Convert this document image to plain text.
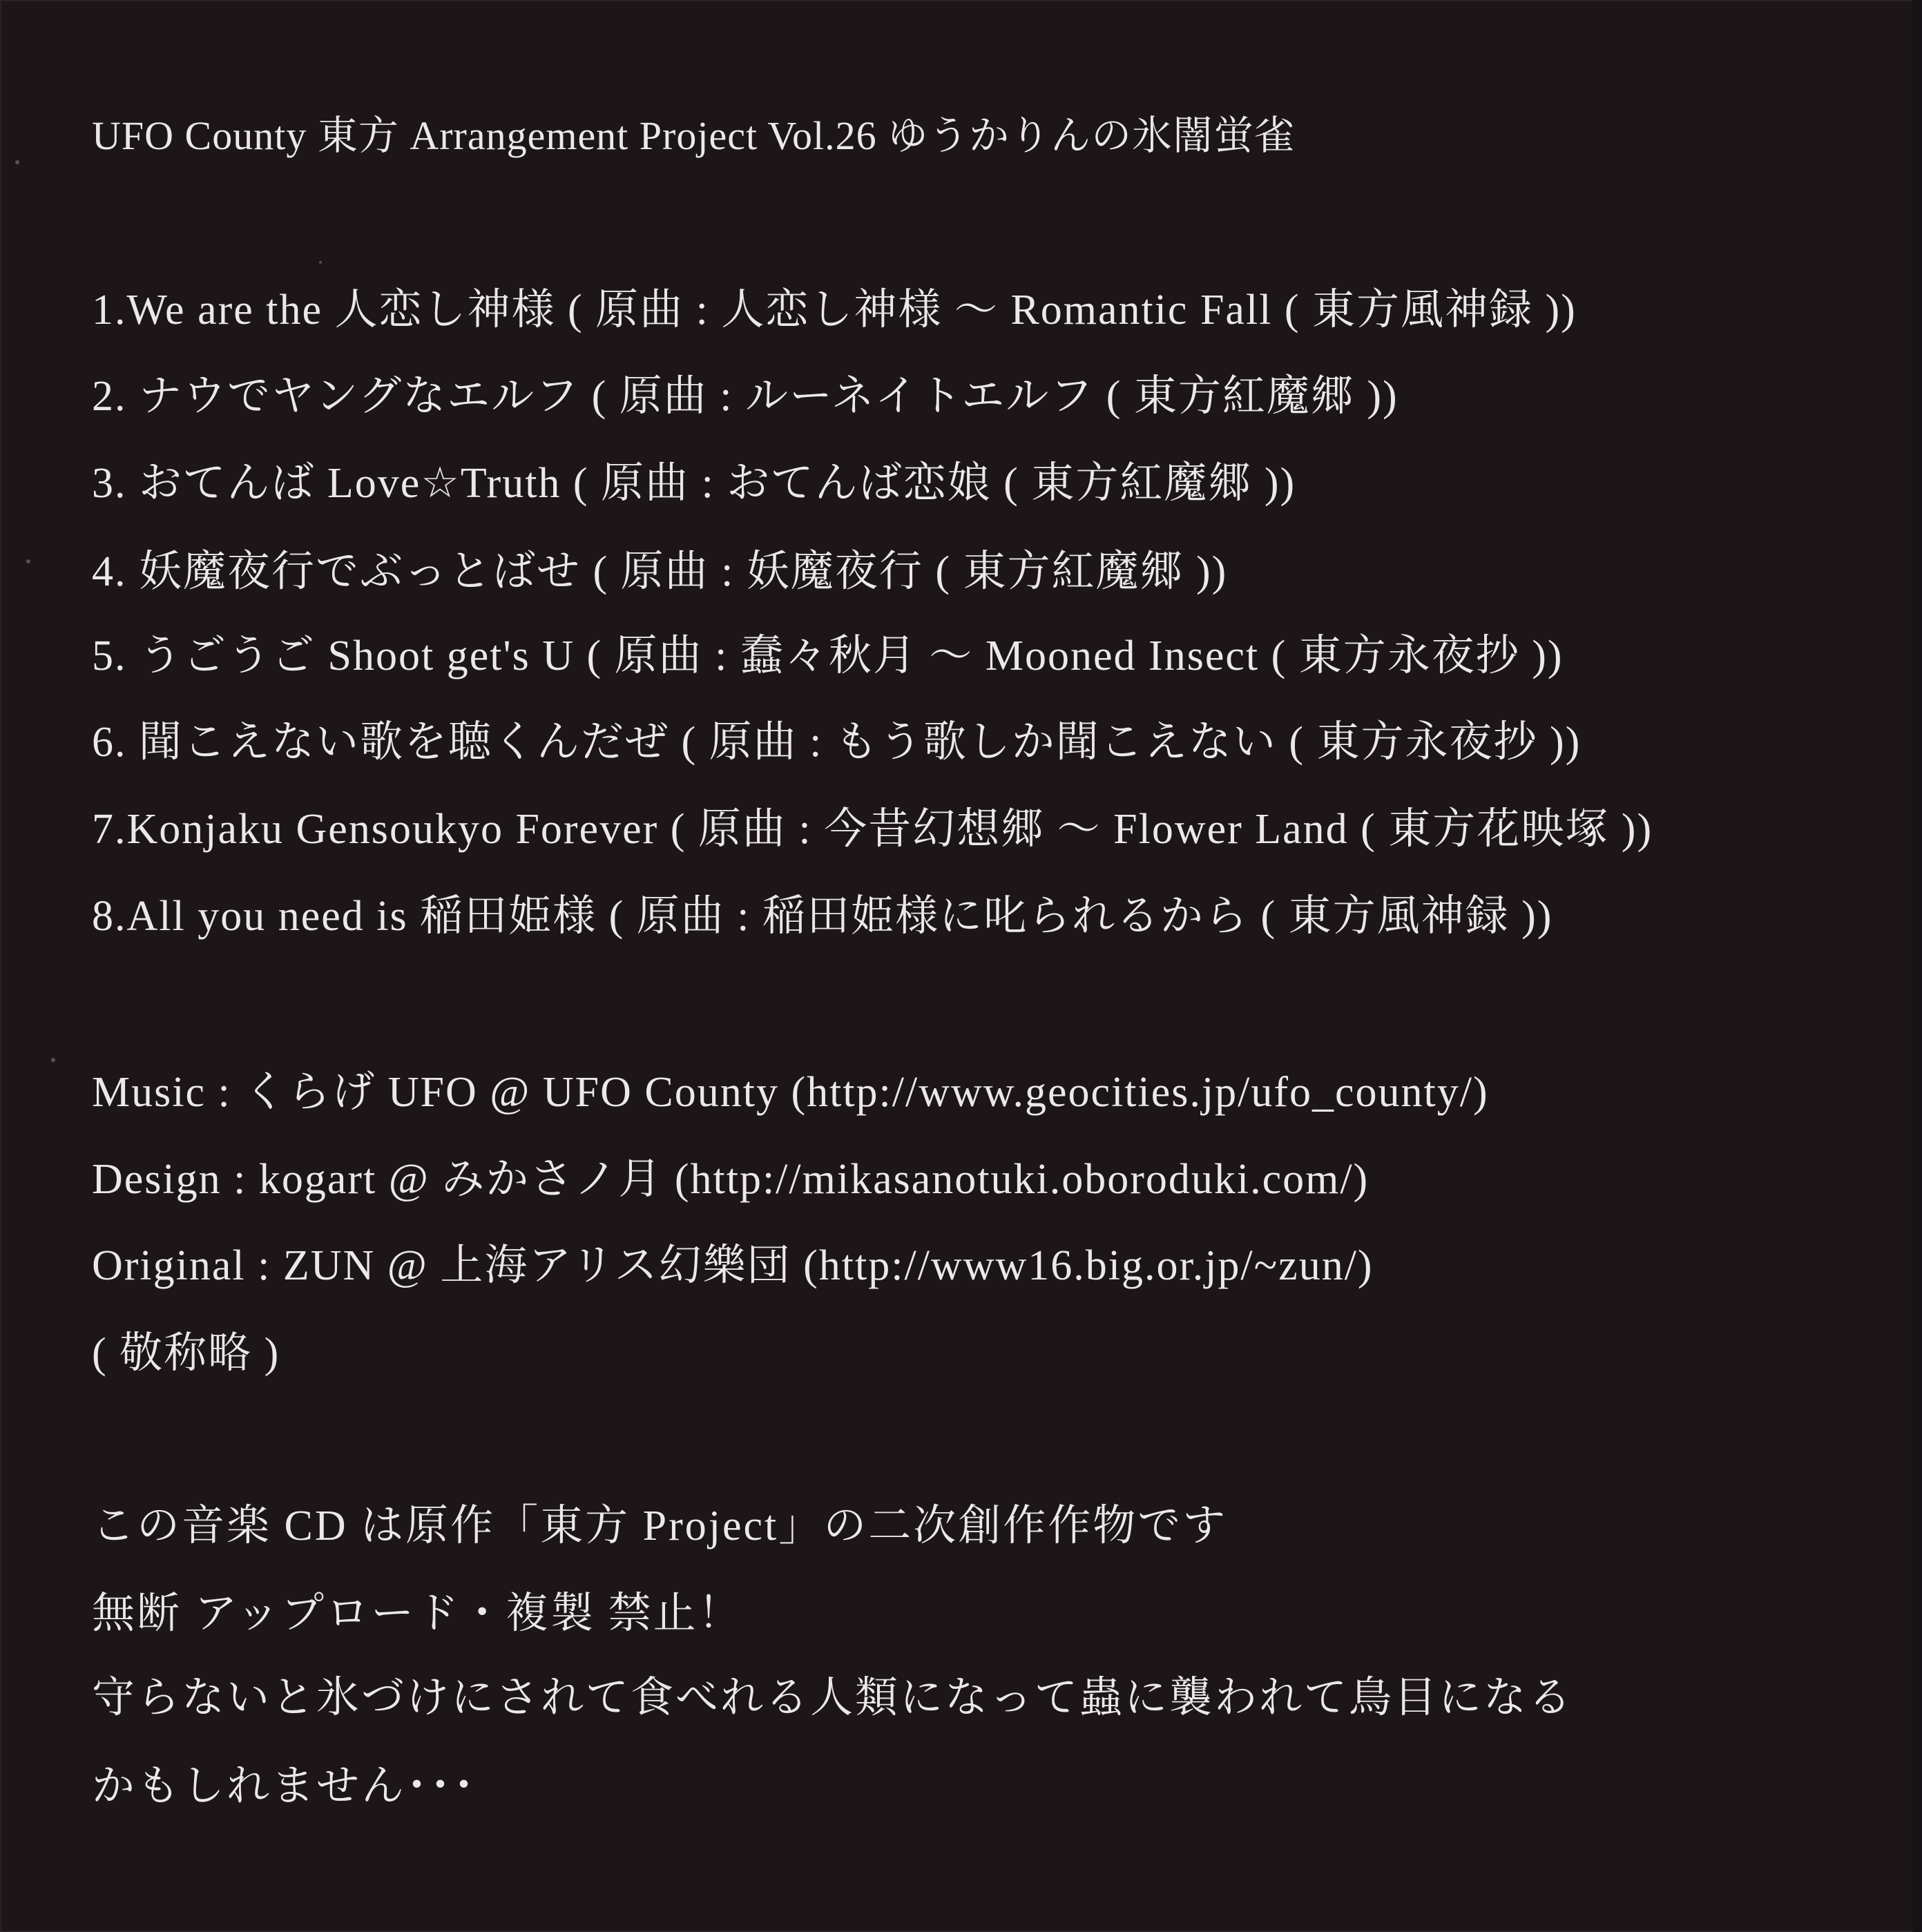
UFO County 東方 Arrangement Project Vol.26 ゆうかりんの氷闇蛍雀
1.We are the 人恋し神様 ( 原曲 : 人恋し神様 ～ Romantic Fall ( 東方風神録 ))
2. ナウでヤングなエルフ ( 原曲 : ルーネイトエルフ ( 東方紅魔郷 ))
3. おてんば Love☆Truth ( 原曲 : おてんば恋娘 ( 東方紅魔郷 ))
4. 妖魔夜行でぶっとばせ ( 原曲 : 妖魔夜行 ( 東方紅魔郷 ))
5. うごうご Shoot get's U ( 原曲 : 蠢々秋月 ～ Mooned Insect ( 東方永夜抄 ))
6. 聞こえない歌を聴くんだぜ ( 原曲 : もう歌しか聞こえない ( 東方永夜抄 ))
7.Konjaku Gensoukyo Forever ( 原曲 : 今昔幻想郷 ～ Flower Land ( 東方花映塚 ))
8.All you need is 稲田姫様 ( 原曲 : 稲田姫様に叱られるから ( 東方風神録 ))
Music : くらげ UFO @ UFO County (http://www.geocities.jp/ufo_county/)
Design : kogart @ みかさノ月 (http://mikasanotuki.oboroduki.com/)
Original : ZUN @ 上海アリス幻樂団 (http://www16.big.or.jp/~zun/)
( 敬称略 )
この音楽 CD は原作「東方 Project」の二次創作作物です
無断 アップロード・複製 禁止！
守らないと氷づけにされて食べれる人類になって蟲に襲われて鳥目になる
かもしれません･･･
